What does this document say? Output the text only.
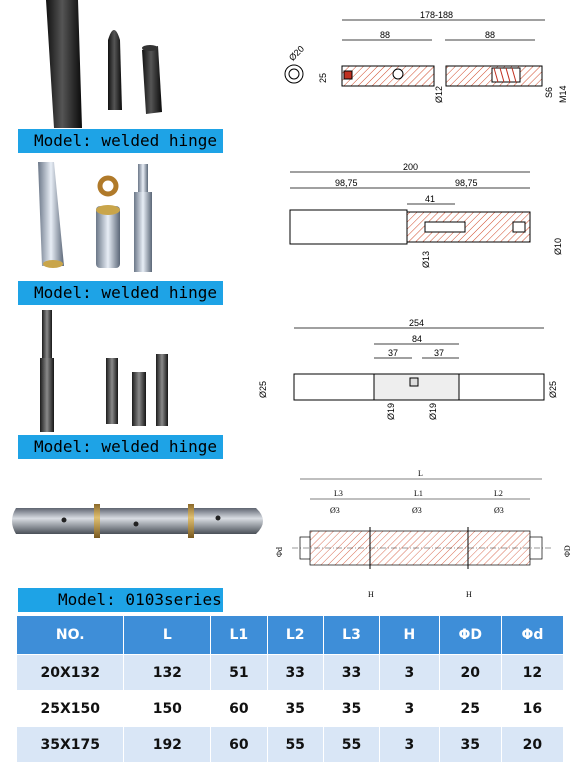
Model: welded hinge
178-188
88	88
Ø20
25
Ø12	S6 M14
Model: welded hinge
200
98,75	98,75
41
Ø13
Ø10
Model: welded hinge
254
84
37	37
Ø25	Ø25
Ø19	Ø19
L
L3	L1	L2
Ø3	Ø3	Ø3
Φd	ΦD
H	H
Model: 0103series
NO.	L	L1	L2	L3	H	ΦD	Φd
20X132	132	51	33	33	3	20	12
25X150	150	60	35	35	3	25	16
35X175	192	60	55	55	3	35	20
